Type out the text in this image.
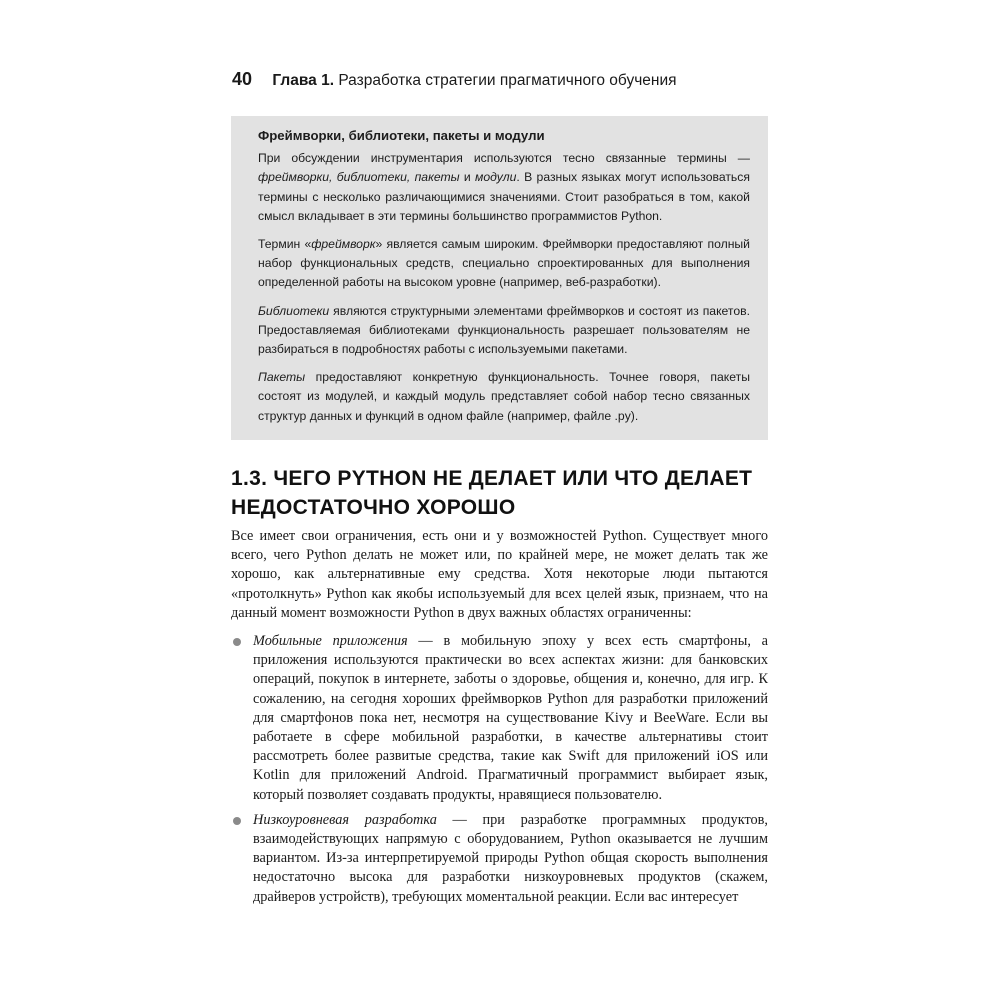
40 Глава 1. Разработка стратегии прагматичного обучения
Фреймворки, библиотеки, пакеты и модули

При обсуждении инструментария используются тесно связанные термины — фреймворки, библиотеки, пакеты и модули. В разных языках могут использоваться термины с несколько различающимися значениями. Стоит разобраться в том, какой смысл вкладывает в эти термины большинство программистов Python.

Термин «фреймворк» является самым широким. Фреймворки предоставляют полный набор функциональных средств, специально спроектированных для выполнения определенной работы на высоком уровне (например, веб-разработки).

Библиотеки являются структурными элементами фреймворков и состоят из пакетов. Предоставляемая библиотеками функциональность разрешает пользователям не разбираться в подробностях работы с используемыми пакетами.

Пакеты предоставляют конкретную функциональность. Точнее говоря, пакеты состоят из модулей, и каждый модуль представляет собой набор тесно связанных структур данных и функций в одном файле (например, файле .py).

1.3. ЧЕГО PYTHON НЕ ДЕЛАЕТ ИЛИ ЧТО ДЕЛАЕТ НЕДОСТАТОЧНО ХОРОШО

Все имеет свои ограничения, есть они и у возможностей Python. Существует много всего, чего Python делать не может или, по крайней мере, не может делать так же хорошо, как альтернативные ему средства. Хотя некоторые люди пытаются «протолкнуть» Python как якобы используемый для всех целей язык, признаем, что на данный момент возможности Python в двух важных областях ограниченны:

Мобильные приложения — в мобильную эпоху у всех есть смартфоны, а приложения используются практически во всех аспектах жизни: для банковских операций, покупок в интернете, заботы о здоровье, общения и, конечно, для игр. К сожалению, на сегодня хороших фреймворков Python для разработки приложений для смартфонов пока нет, несмотря на существование Kivy и BeeWare. Если вы работаете в сфере мобильной разработки, в качестве альтернативы стоит рассмотреть более развитые средства, такие как Swift для приложений iOS или Kotlin для приложений Android. Прагматичный программист выбирает язык, который позволяет создавать продукты, нравящиеся пользователю.
Низкоуровневая разработка — при разработке программных продуктов, взаимодействующих напрямую с оборудованием, Python оказывается не лучшим вариантом. Из-за интерпретируемой природы Python общая скорость выполнения недостаточно высока для разработки низкоуровневых продуктов (скажем, драйверов устройств), требующих моментальной реакции. Если вас интересует
